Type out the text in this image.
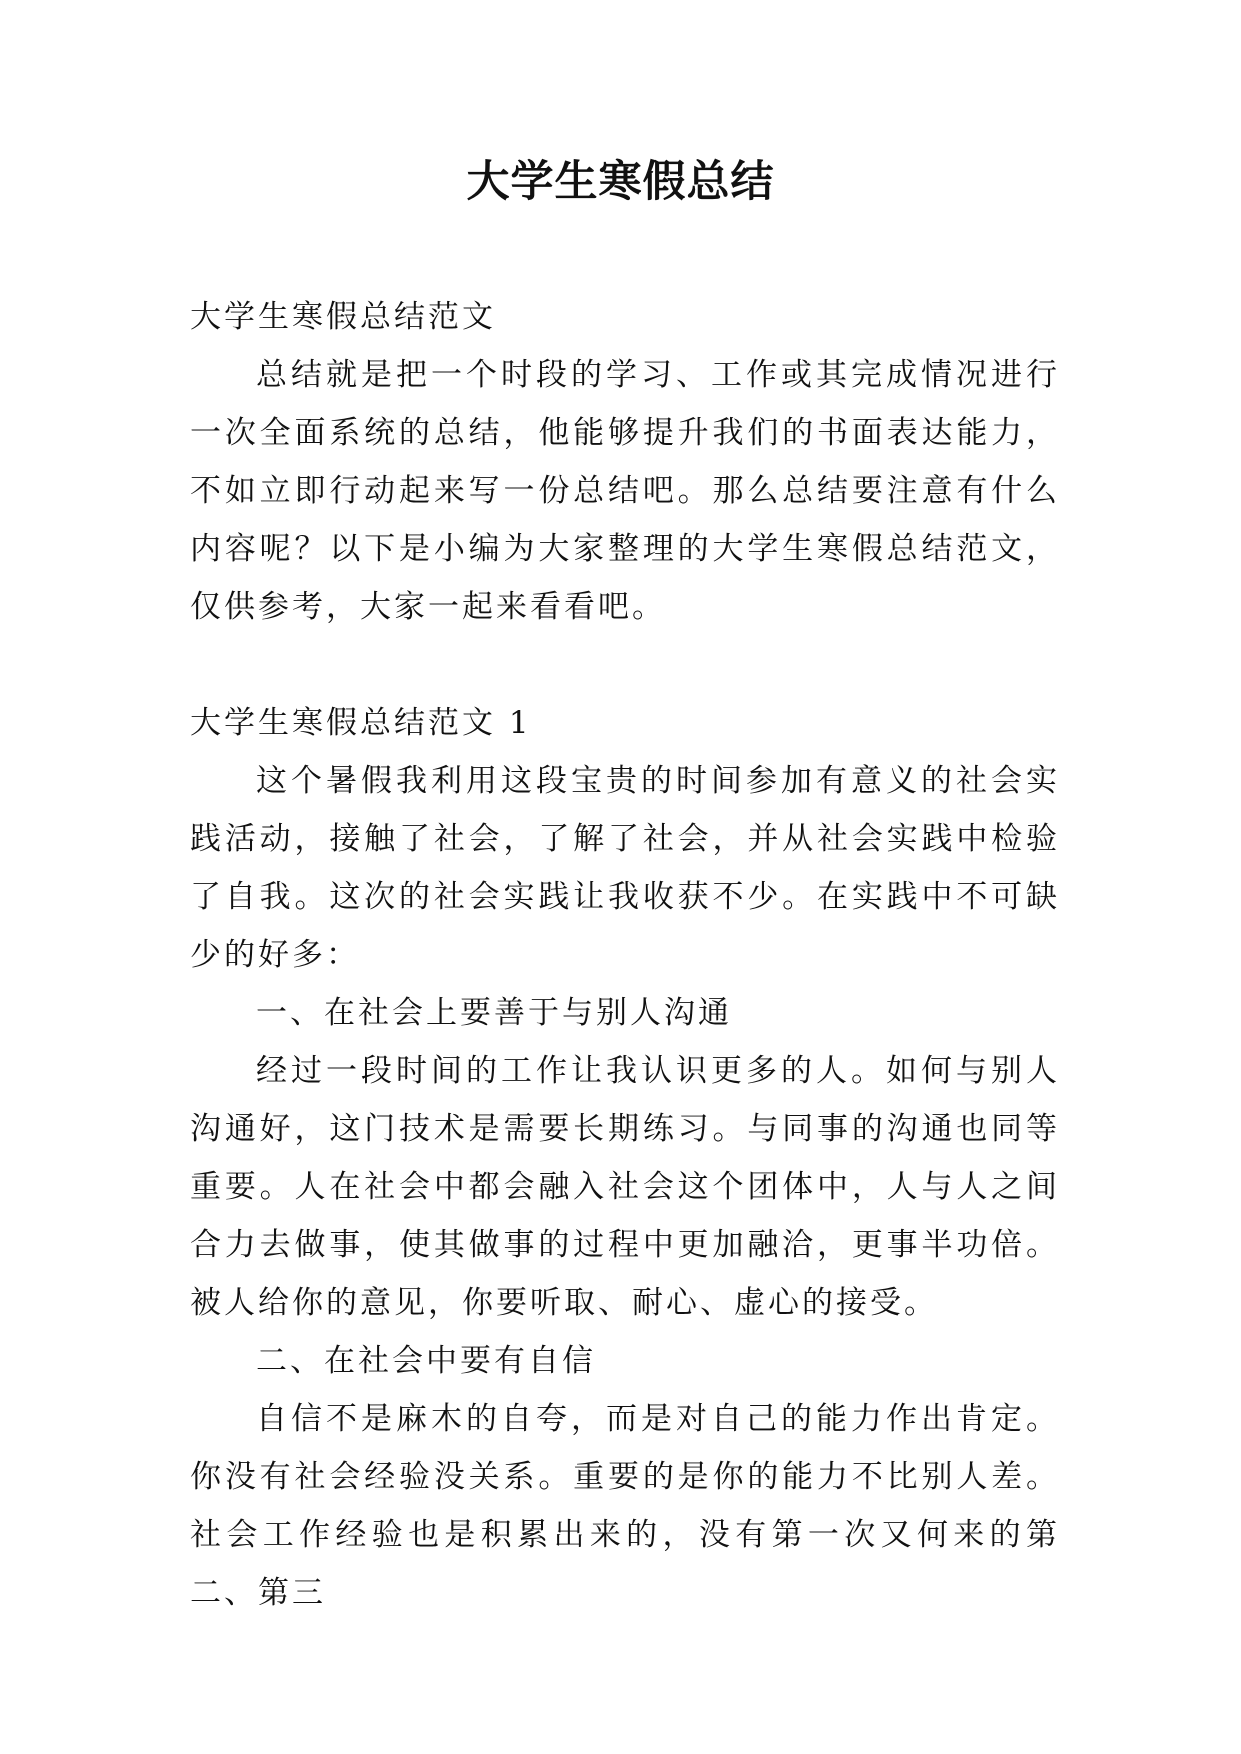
大学生寒假总结

大学生寒假总结范文

总结就是把一个时段的学习、工作或其完成情况进行一次全面系统的总结，他能够提升我们的书面表达能力，不如立即行动起来写一份总结吧。那么总结要注意有什么内容呢？以下是小编为大家整理的大学生寒假总结范文，仅供参考，大家一起来看看吧。

大学生寒假总结范文 1

这个暑假我利用这段宝贵的时间参加有意义的社会实践活动，接触了社会，了解了社会，并从社会实践中检验了自我。这次的社会实践让我收获不少。在实践中不可缺少的好多：

一、在社会上要善于与别人沟通

经过一段时间的工作让我认识更多的人。如何与别人沟通好，这门技术是需要长期练习。与同事的沟通也同等重要。人在社会中都会融入社会这个团体中，人与人之间合力去做事，使其做事的过程中更加融洽，更事半功倍。被人给你的意见，你要听取、耐心、虚心的接受。

二、在社会中要有自信

自信不是麻木的自夸，而是对自己的能力作出肯定。你没有社会经验没关系。重要的是你的能力不比别人差。社会工作经验也是积累出来的，没有第一次又何来的第二、第三
